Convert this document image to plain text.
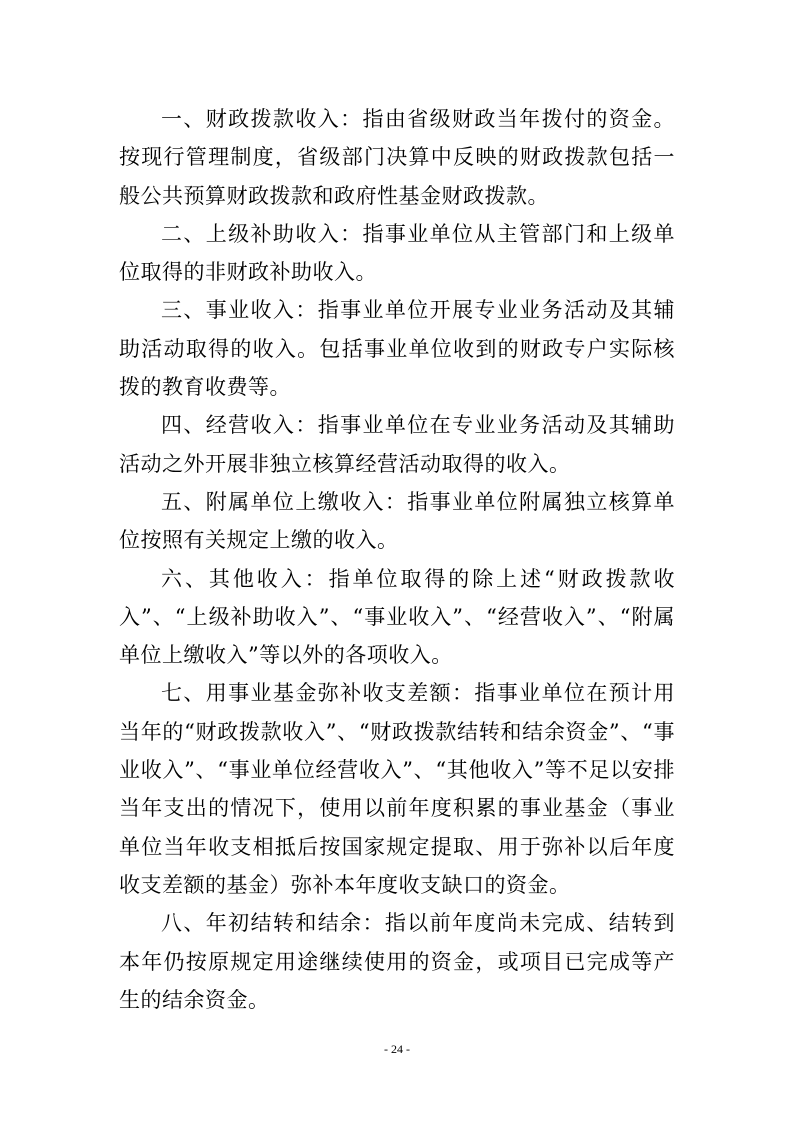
一、财政拨款收入：指由省级财政当年拨付的资金。按现行管理制度，省级部门决算中反映的财政拨款包括一般公共预算财政拨款和政府性基金财政拨款。

二、上级补助收入：指事业单位从主管部门和上级单位取得的非财政补助收入。

三、事业收入：指事业单位开展专业业务活动及其辅助活动取得的收入。包括事业单位收到的财政专户实际核拨的教育收费等。

四、经营收入：指事业单位在专业业务活动及其辅助活动之外开展非独立核算经营活动取得的收入。

五、附属单位上缴收入：指事业单位附属独立核算单位按照有关规定上缴的收入。

六、其他收入：指单位取得的除上述“财政拨款收入”、“上级补助收入”、“事业收入”、“经营收入”、“附属单位上缴收入”等以外的各项收入。

七、用事业基金弥补收支差额：指事业单位在预计用当年的“财政拨款收入”、“财政拨款结转和结余资金”、“事业收入”、“事业单位经营收入”、“其他收入”等不足以安排当年支出的情况下，使用以前年度积累的事业基金（事业单位当年收支相抵后按国家规定提取、用于弥补以后年度收支差额的基金）弥补本年度收支缺口的资金。

八、年初结转和结余：指以前年度尚未完成、结转到本年仍按原规定用途继续使用的资金，或项目已完成等产生的结余资金。

- 24 -
